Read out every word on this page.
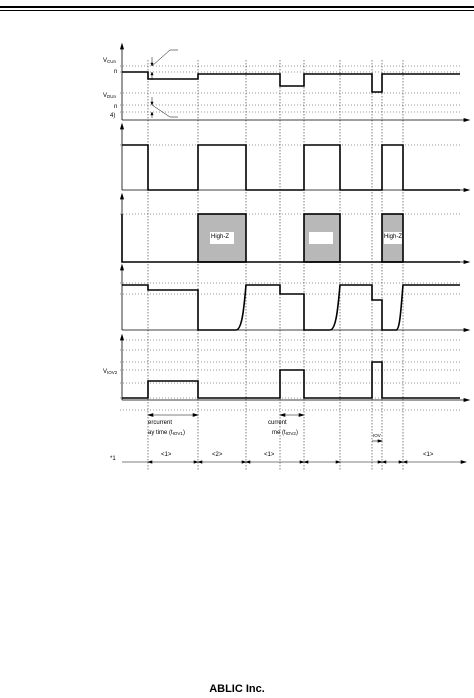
$V_{CUn}$
n
$V_{DUn}$
n
4)
$V_{IOV2}$
High-Z	High-Z
ercurrent
ay time $(t_{IOV1})$
current
me $(t_{IOV2})$	IOV
*1
<1>	<2>	<1>	<1>
ABLIC Inc.
